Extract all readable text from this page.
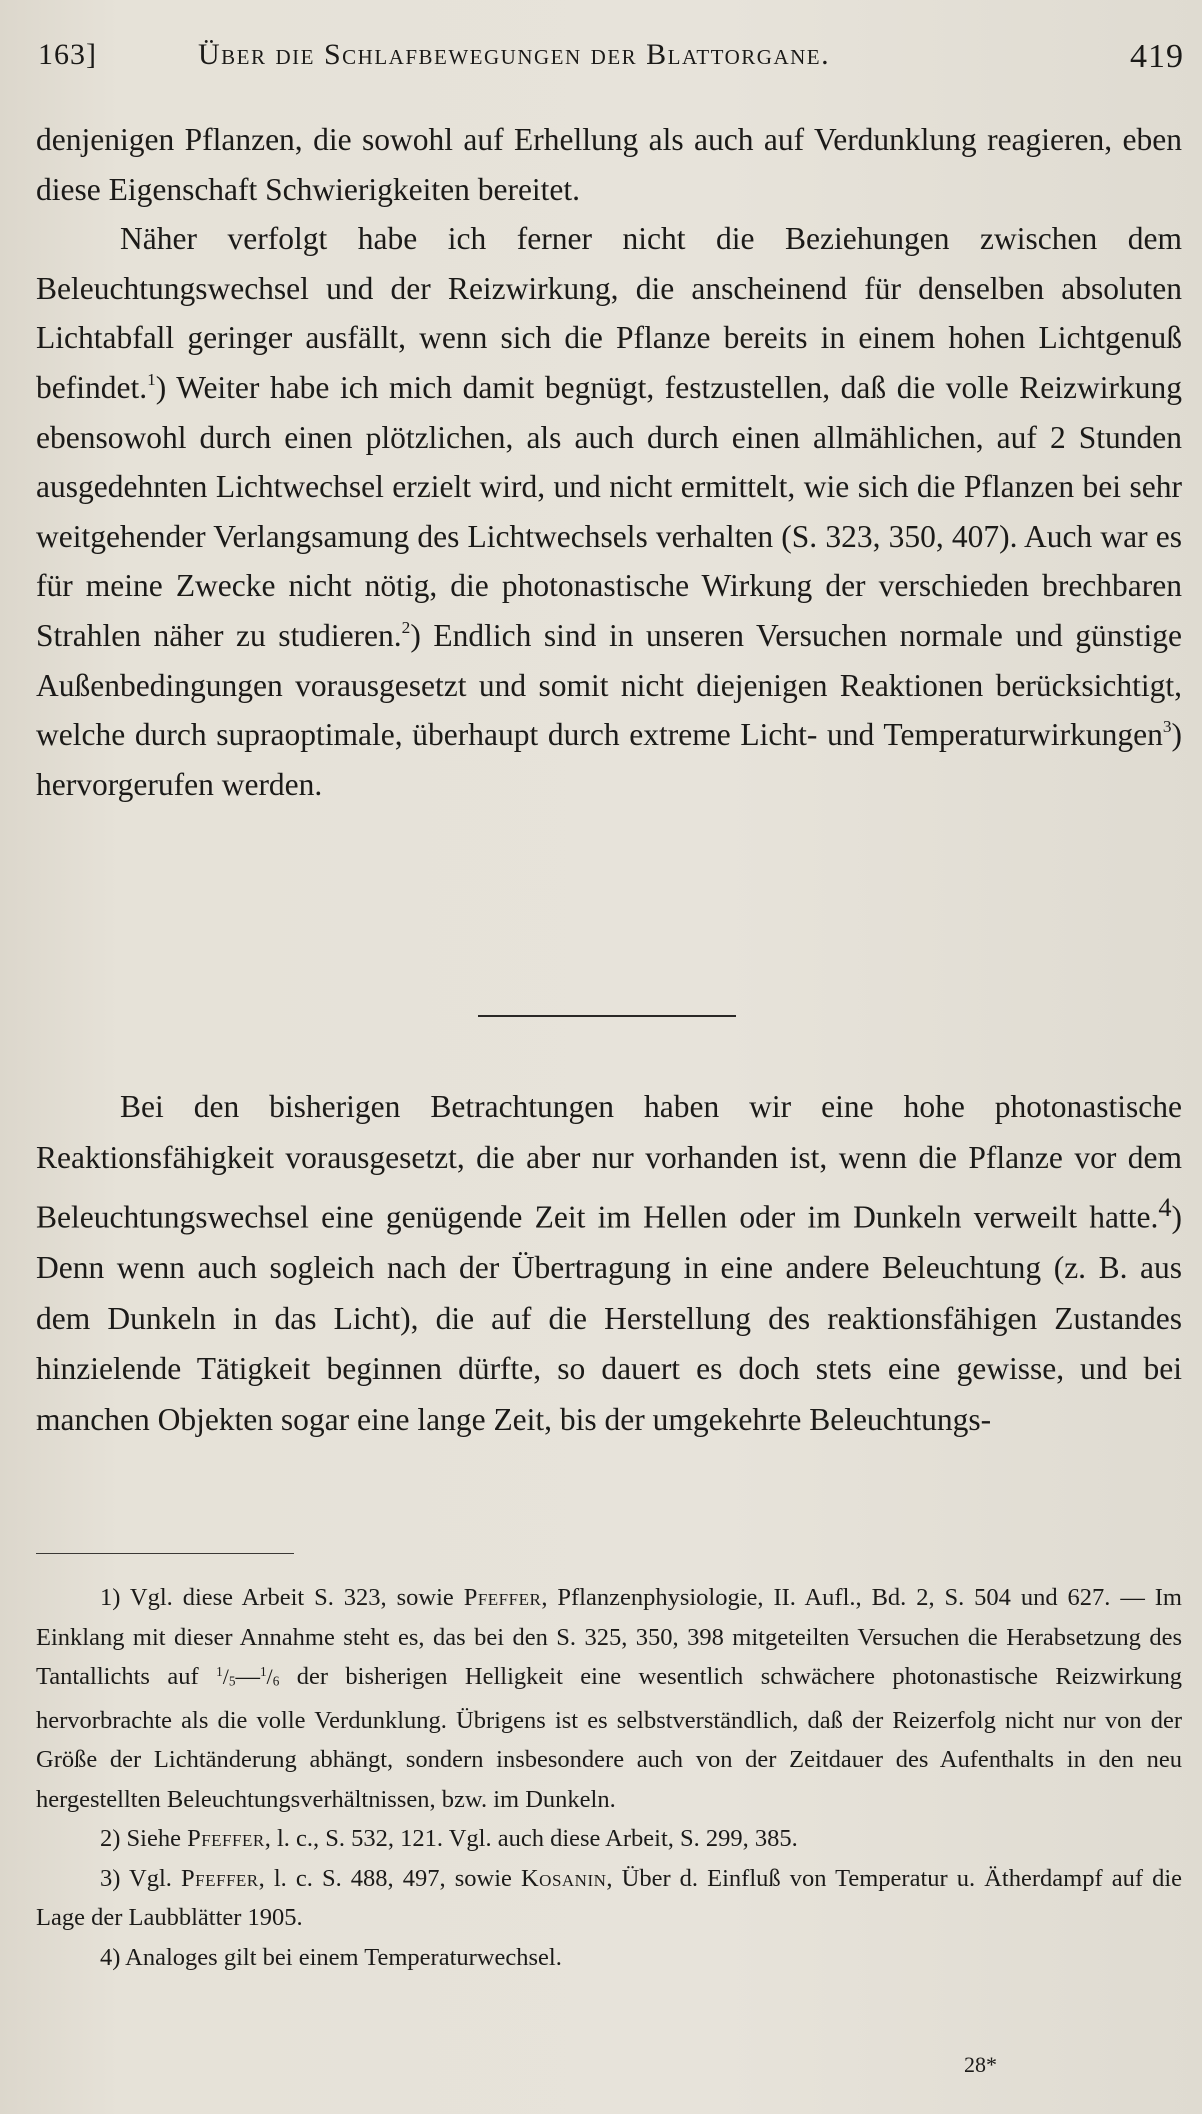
163]	Über die Schlafbewegungen der Blattorgane.	419

denjenigen Pflanzen, die sowohl auf Erhellung als auch auf Verdunklung reagieren, eben diese Eigenschaft Schwierigkeiten bereitet.

Näher verfolgt habe ich ferner nicht die Beziehungen zwischen dem Beleuchtungswechsel und der Reizwirkung, die anscheinend für denselben absoluten Lichtabfall geringer ausfällt, wenn sich die Pflanze bereits in einem hohen Lichtgenuß befindet.$^1$) Weiter habe ich mich damit begnügt, festzustellen, daß die volle Reizwirkung ebensowohl durch einen plötzlichen, als auch durch einen allmählichen, auf 2 Stunden ausgedehnten Lichtwechsel erzielt wird, und nicht ermittelt, wie sich die Pflanzen bei sehr weitgehender Verlangsamung des Lichtwechsels verhalten (S. 323, 350, 407). Auch war es für meine Zwecke nicht nötig, die photonastische Wirkung der verschieden brechbaren Strahlen näher zu studieren.$^2$) Endlich sind in unseren Versuchen normale und günstige Außenbedingungen vorausgesetzt und somit nicht diejenigen Reaktionen berücksichtigt, welche durch supraoptimale, überhaupt durch extreme Licht- und Temperaturwirkungen$^3$) hervorgerufen werden.

Bei den bisherigen Betrachtungen haben wir eine hohe photonastische Reaktionsfähigkeit vorausgesetzt, die aber nur vorhanden ist, wenn die Pflanze vor dem Beleuchtungswechsel eine genügende Zeit im Hellen oder im Dunkeln verweilt hatte.$^4$) Denn wenn auch sogleich nach der Übertragung in eine andere Beleuchtung (z. B. aus dem Dunkeln in das Licht), die auf die Herstellung des reaktionsfähigen Zustandes hinzielende Tätigkeit beginnen dürfte, so dauert es doch stets eine gewisse, und bei manchen Objekten sogar eine lange Zeit, bis der umgekehrte Beleuchtungs-

1) Vgl. diese Arbeit S. 323, sowie Pfeffer, Pflanzenphysiologie, II. Aufl., Bd. 2, S. 504 und 627. — Im Einklang mit dieser Annahme steht es, das bei den S. 325, 350, 398 mitgeteilten Versuchen die Herabsetzung des Tantallichts auf $^1/_5—^1/_6$ der bisherigen Helligkeit eine wesentlich schwächere photonastische Reizwirkung hervorbrachte als die volle Verdunklung. Übrigens ist es selbstverständlich, daß der Reizerfolg nicht nur von der Größe der Lichtänderung abhängt, sondern insbesondere auch von der Zeitdauer des Aufenthalts in den neu hergestellten Beleuchtungsverhältnissen, bzw. im Dunkeln.

2) Siehe Pfeffer, l. c., S. 532, 121. Vgl. auch diese Arbeit, S. 299, 385.

3) Vgl. Pfeffer, l. c. S. 488, 497, sowie Kosanin, Über d. Einfluß von Temperatur u. Ätherdampf auf die Lage der Laubblätter 1905.

4) Analoges gilt bei einem Temperaturwechsel.

28*
